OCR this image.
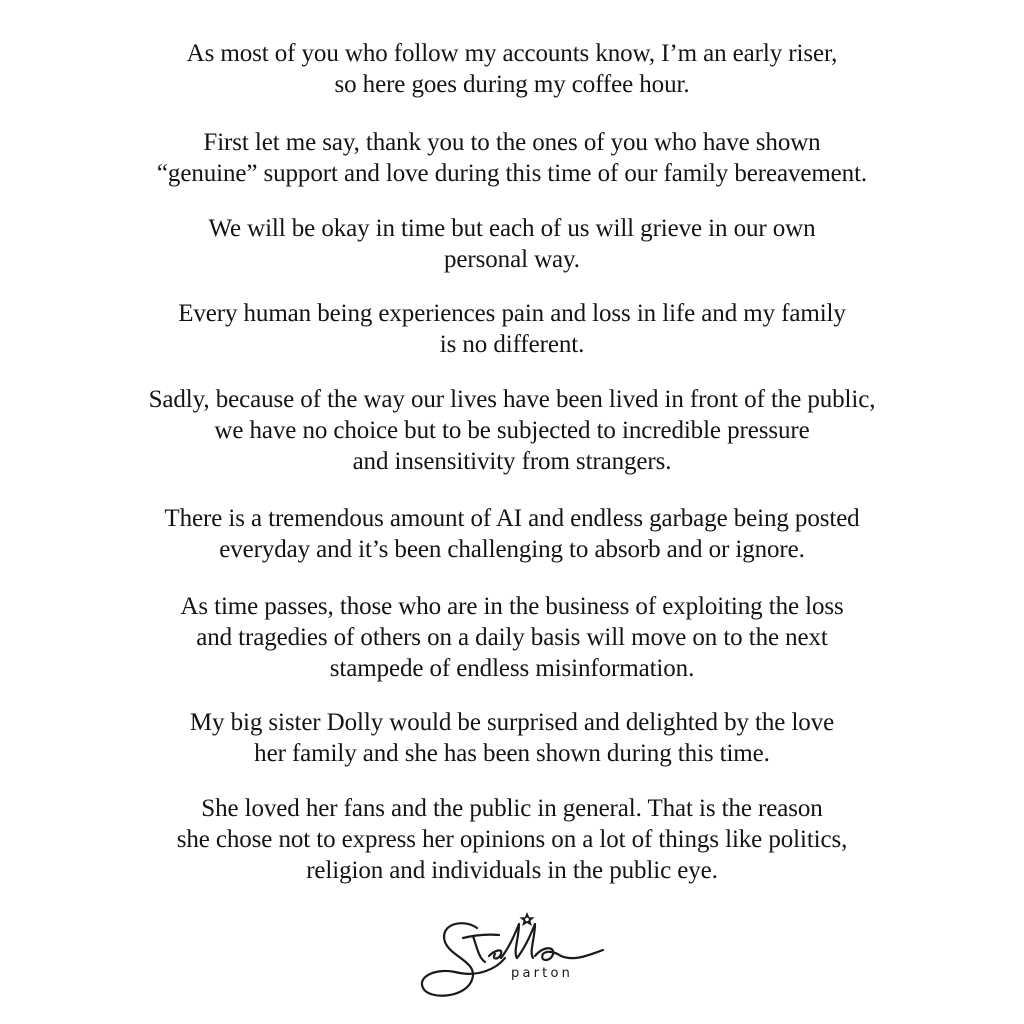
As most of you who follow my accounts know, I’m an early riser,
so here goes during my coffee hour.

First let me say, thank you to the ones of you who have shown
“genuine” support and love during this time of our family bereavement.

We will be okay in time but each of us will grieve in our own
personal way.

Every human being experiences pain and loss in life and my family
is no different.

Sadly, because of the way our lives have been lived in front of the public,
we have no choice but to be subjected to incredible pressure
and insensitivity from strangers.

There is a tremendous amount of AI and endless garbage being posted
everyday and it’s been challenging to absorb and or ignore.

As time passes, those who are in the business of exploiting the loss
and tragedies of others on a daily basis will move on to the next
stampede of endless misinformation.

My big sister Dolly would be surprised and delighted by the love
her family and she has been shown during this time.

She loved her fans and the public in general. That is the reason
she chose not to express her opinions on a lot of things like politics,
religion and individuals in the public eye.

parton
